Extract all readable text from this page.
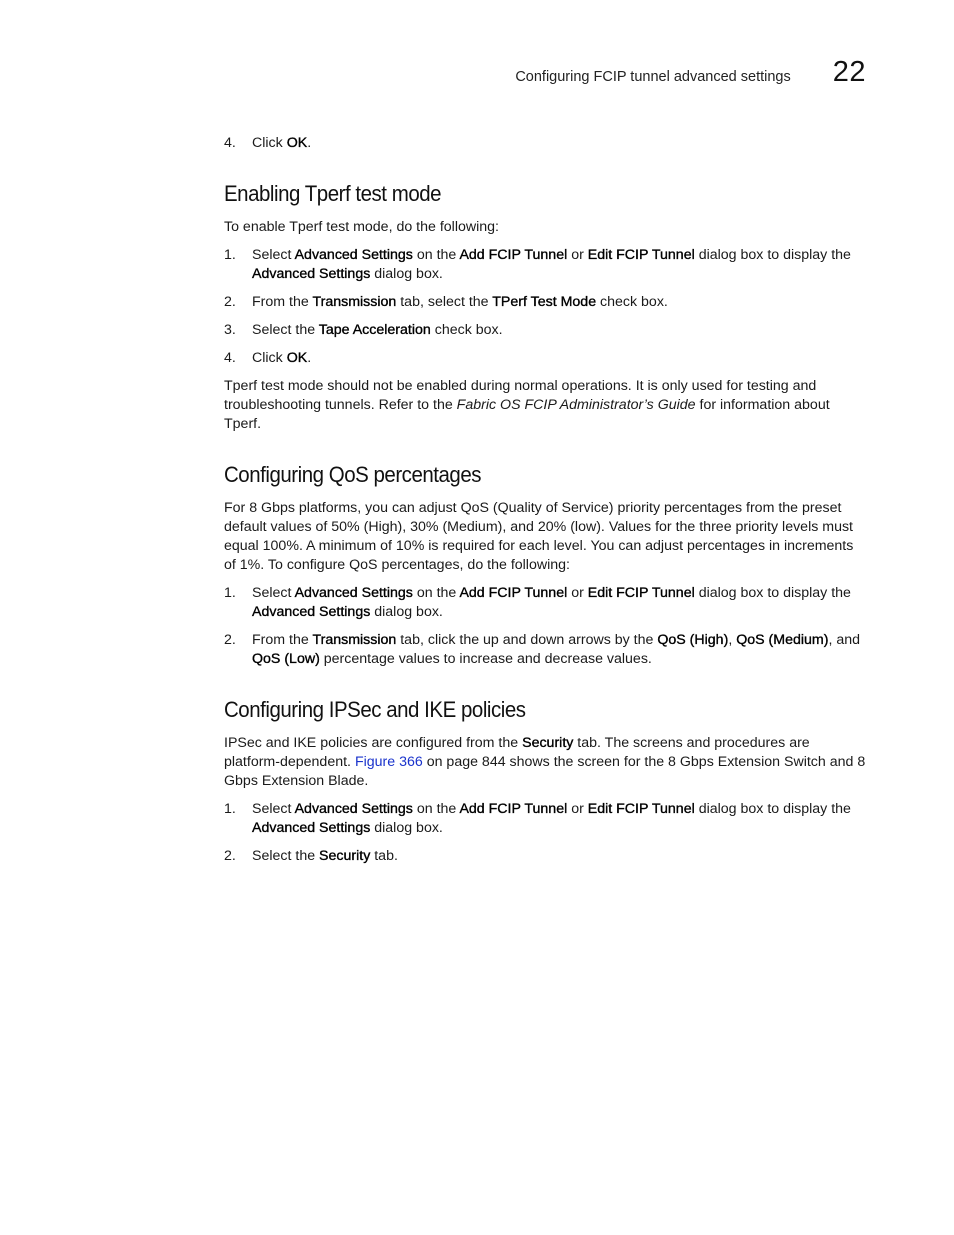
Configuring FCIP tunnel advanced settings 22
4.	Click OK.
Enabling Tperf test mode

To enable Tperf test mode, do the following:

1.	Select Advanced Settings on the Add FCIP Tunnel or Edit FCIP Tunnel dialog box to display the Advanced Settings dialog box.
2.	From the Transmission tab, select the TPerf Test Mode check box.
3.	Select the Tape Acceleration check box.
4.	Click OK.

Tperf test mode should not be enabled during normal operations. It is only used for testing and troubleshooting tunnels. Refer to the Fabric OS FCIP Administrator’s Guide for information about Tperf.

Configuring QoS percentages

For 8 Gbps platforms, you can adjust QoS (Quality of Service) priority percentages from the preset default values of 50% (High), 30% (Medium), and 20% (low). Values for the three priority levels must equal 100%. A minimum of 10% is required for each level. You can adjust percentages in increments of 1%. To configure QoS percentages, do the following:

1.	Select Advanced Settings on the Add FCIP Tunnel or Edit FCIP Tunnel dialog box to display the Advanced Settings dialog box.
2.	From the Transmission tab, click the up and down arrows by the QoS (High), QoS (Medium), and QoS (Low) percentage values to increase and decrease values.
Configuring IPSec and IKE policies

IPSec and IKE policies are configured from the Security tab. The screens and procedures are platform-dependent. Figure 366 on page 844 shows the screen for the 8 Gbps Extension Switch and 8 Gbps Extension Blade.

1.	Select Advanced Settings on the Add FCIP Tunnel or Edit FCIP Tunnel dialog box to display the Advanced Settings dialog box.
2.	Select the Security tab.
